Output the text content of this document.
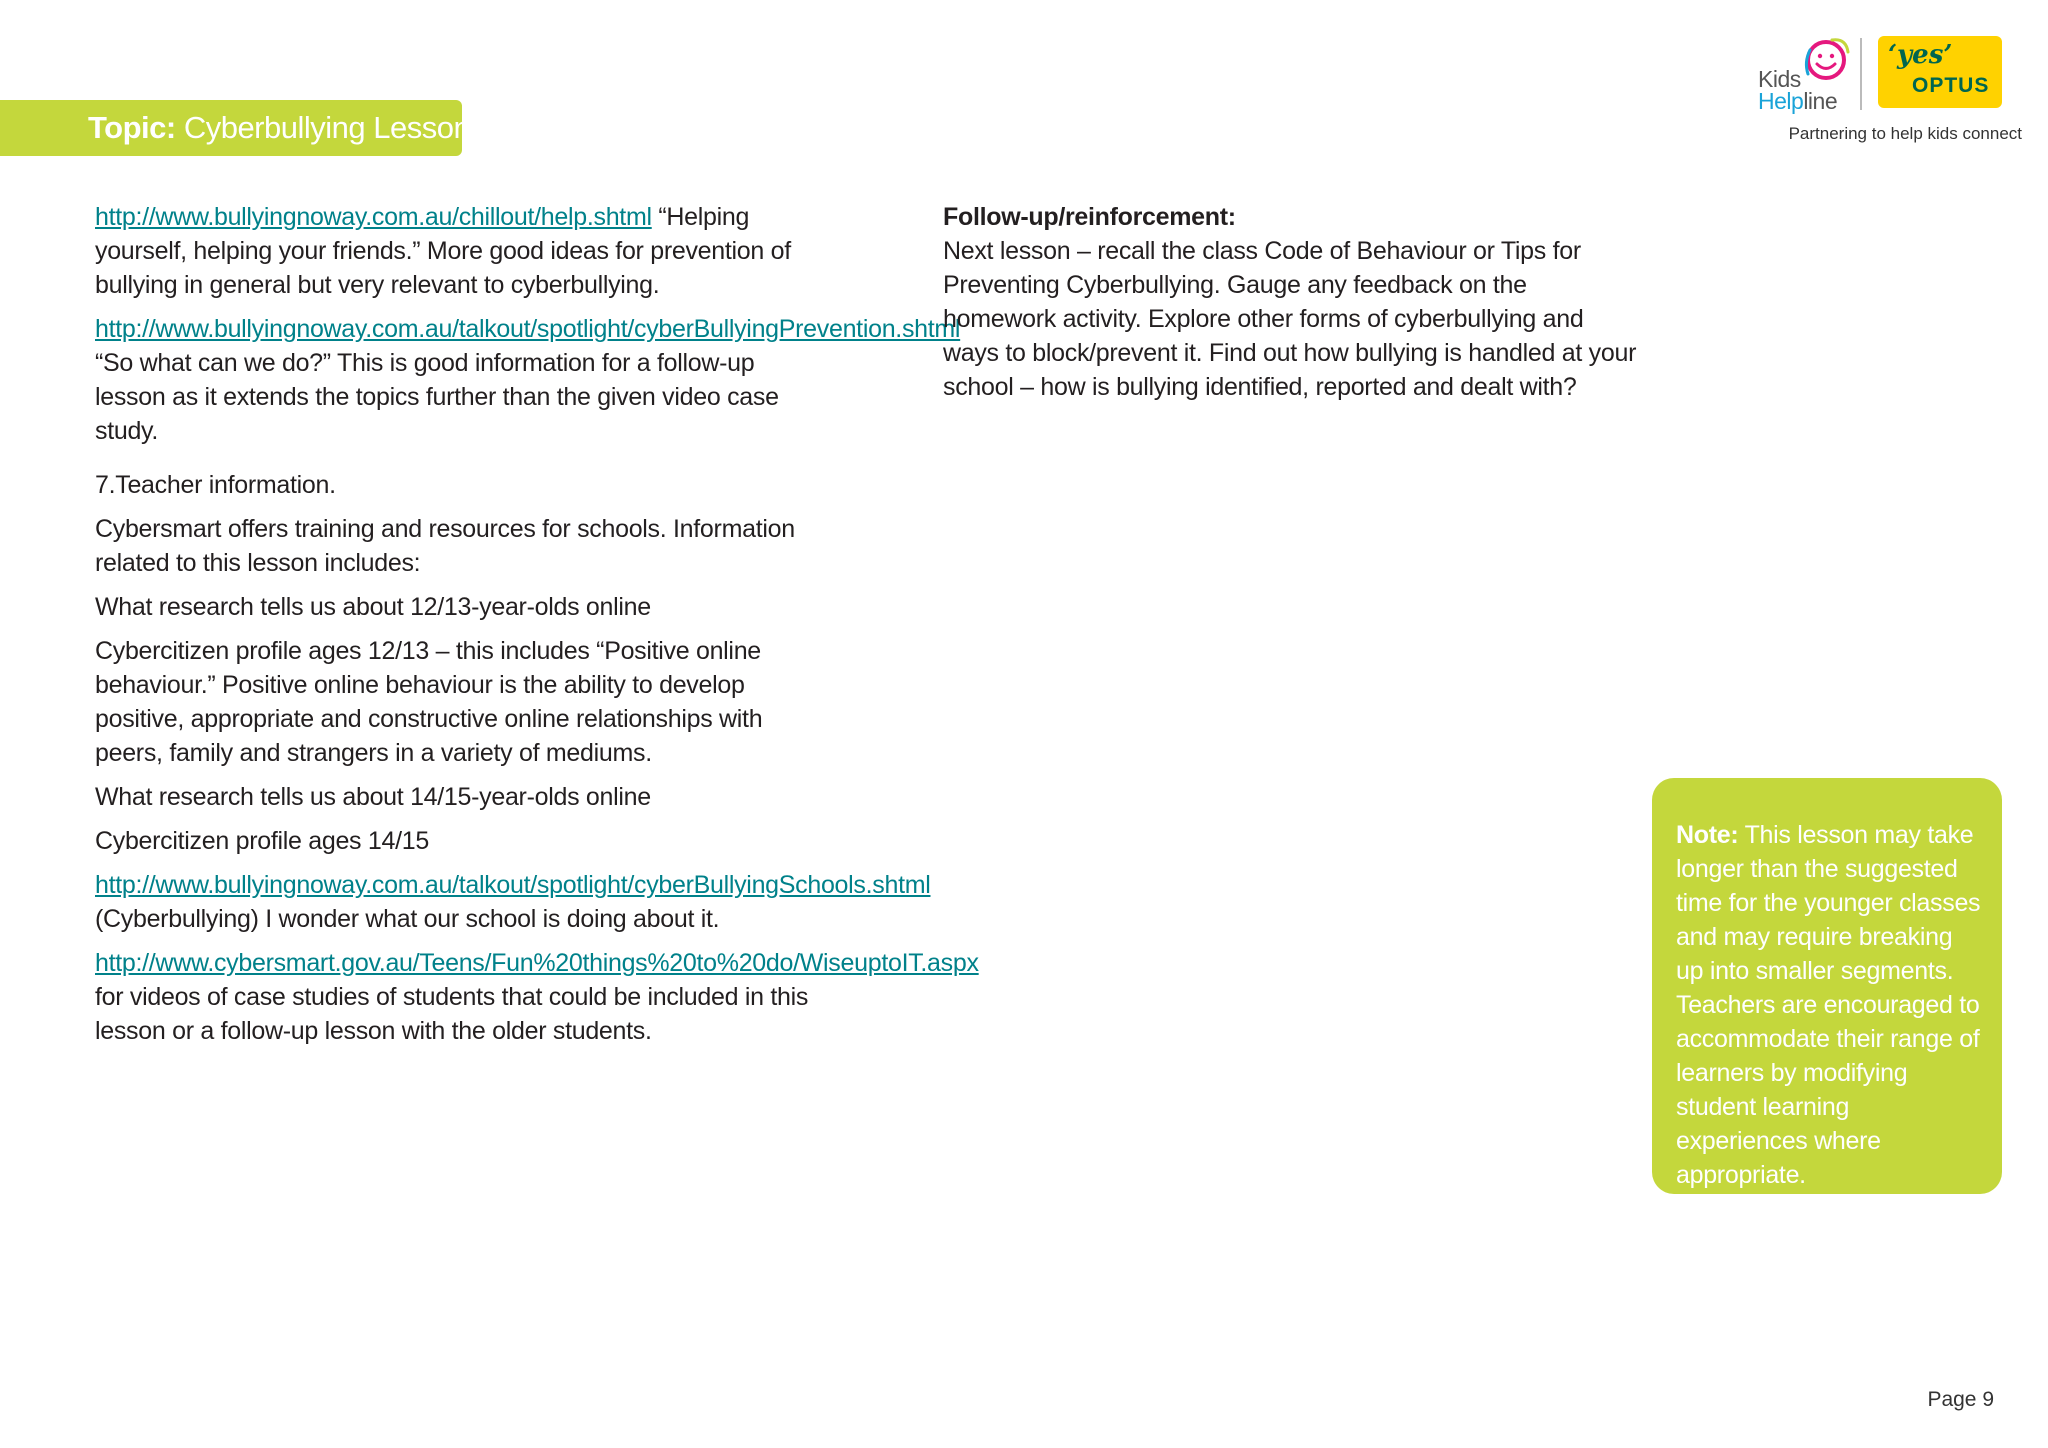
Topic: Cyberbullying Lesson 1
Kids
Helpline
‘yes’
OPTUS
Partnering to help kids connect

http://www.bullyingnoway.com.au/chillout/help.shtml “Helping yourself, helping your friends.” More good ideas for prevention of bullying in general but very relevant to cyberbullying.

http://www.bullyingnoway.com.au/talkout/spotlight/cyberBullyingPrevention.shtml “So what can we do?” This is good information for a follow-up lesson as it extends the topics further than the given video case study.

7.Teacher information.

Cybersmart offers training and resources for schools. Information related to this lesson includes:

What research tells us about 12/13-year-olds online

Cybercitizen profile ages 12/13 – this includes “Positive online behaviour.” Positive online behaviour is the ability to develop positive, appropriate and constructive online relationships with peers, family and strangers in a variety of mediums.

What research tells us about 14/15-year-olds online

Cybercitizen profile ages 14/15

http://www.bullyingnoway.com.au/talkout/spotlight/cyberBullyingSchools.shtml (Cyberbullying) I wonder what our school is doing about it.

http://www.cybersmart.gov.au/Teens/Fun%20things%20to%20do/WiseuptoIT.aspx for videos of case studies of students that could be included in this lesson or a follow-up lesson with the older students.

Follow-up/reinforcement:
Next lesson – recall the class Code of Behaviour or Tips for Preventing Cyberbullying. Gauge any feedback on the homework activity. Explore other forms of cyberbullying and ways to block/prevent it. Find out how bullying is handled at your school – how is bullying identified, reported and dealt with?
Note: This lesson may take longer than the suggested time for the younger classes and may require breaking up into smaller segments. Teachers are encouraged to accommodate their range of learners by modifying student learning experiences where appropriate.
Page 9
